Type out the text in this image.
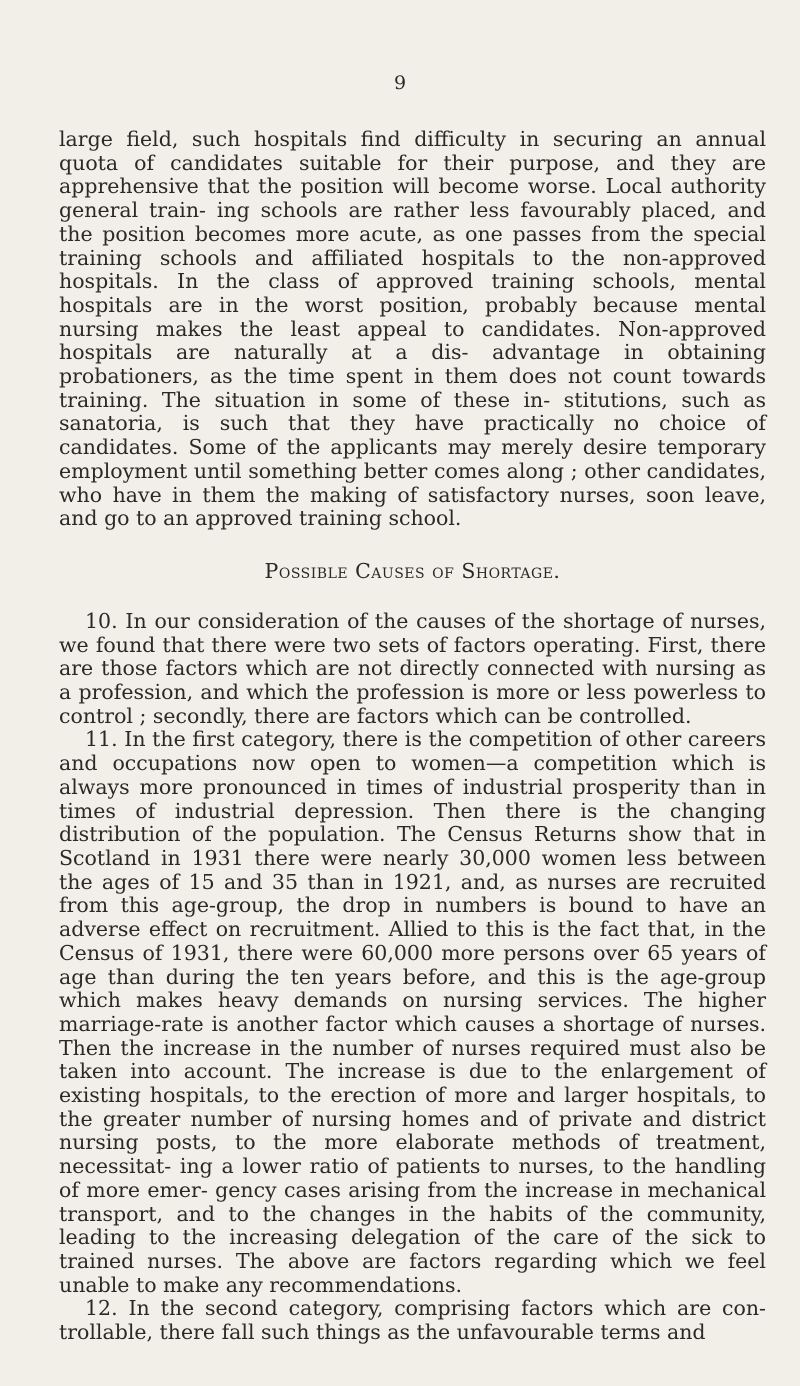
9

large field, such hospitals find difficulty in securing an annual quota of candidates suitable for their purpose, and they are apprehensive that the position will become worse. Local authority general train- ing schools are rather less favourably placed, and the position becomes more acute, as one passes from the special training schools and affiliated hospitals to the non-approved hospitals. In the class of approved training schools, mental hospitals are in the worst position, probably because mental nursing makes the least appeal to candidates. Non-approved hospitals are naturally at a dis- advantage in obtaining probationers, as the time spent in them does not count towards training. The situation in some of these in- stitutions, such as sanatoria, is such that they have practically no choice of candidates. Some of the applicants may merely desire temporary employment until something better comes along ; other candidates, who have in them the making of satisfactory nurses, soon leave, and go to an approved training school.

Possible Causes of Shortage.

10. In our consideration of the causes of the shortage of nurses, we found that there were two sets of factors operating. First, there are those factors which are not directly connected with nursing as a profession, and which the profession is more or less powerless to control ; secondly, there are factors which can be controlled.

11. In the first category, there is the competition of other careers and occupations now open to women—a competition which is always more pronounced in times of industrial prosperity than in times of industrial depression. Then there is the changing distribution of the population. The Census Returns show that in Scotland in 1931 there were nearly 30,000 women less between the ages of 15 and 35 than in 1921, and, as nurses are recruited from this age-group, the drop in numbers is bound to have an adverse effect on recruitment. Allied to this is the fact that, in the Census of 1931, there were 60,000 more persons over 65 years of age than during the ten years before, and this is the age-group which makes heavy demands on nursing services. The higher marriage-rate is another factor which causes a shortage of nurses. Then the increase in the number of nurses required must also be taken into account. The increase is due to the enlargement of existing hospitals, to the erection of more and larger hospitals, to the greater number of nursing homes and of private and district nursing posts, to the more elaborate methods of treatment, necessitat- ing a lower ratio of patients to nurses, to the handling of more emer- gency cases arising from the increase in mechanical transport, and to the changes in the habits of the community, leading to the increasing delegation of the care of the sick to trained nurses. The above are factors regarding which we feel unable to make any recommendations.

12. In the second category, comprising factors which are con- trollable, there fall such things as the unfavourable terms and
